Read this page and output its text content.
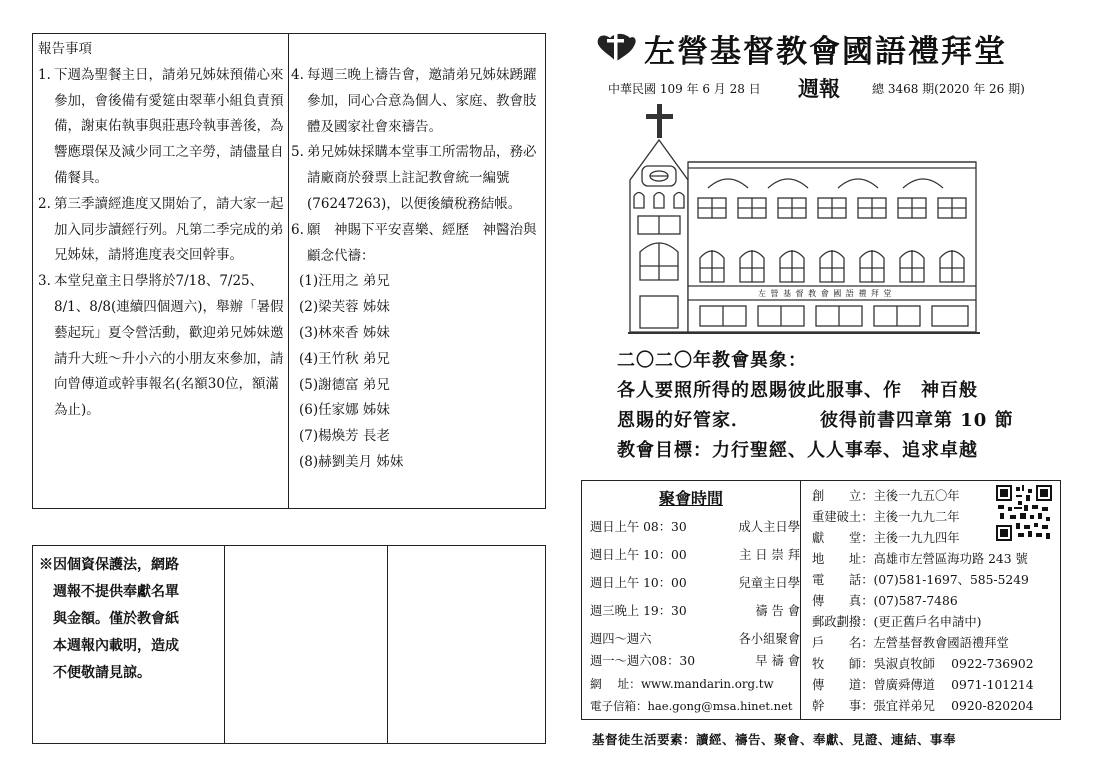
報告事項

1. 下週為聖餐主日，請弟兄姊妹預備心來參加，會後備有愛筵由翠華小組負責預備，謝東佑執事與莊惠玲執事善後，為響應環保及減少同工之辛勞，請儘量自備餐具。
2. 第三季讀經進度又開始了，請大家一起加入同步讀經行列。凡第二季完成的弟兄姊妹，請將進度表交回幹事。
3. 本堂兒童主日學將於7/18、7/25、8/1、8/8(連續四個週六)，舉辦「暑假藝起玩」夏令營活動，歡迎弟兄姊妹邀請升大班～升小六的小朋友來參加，請向曾傳道或幹事報名(名額30位，額滿為止)。
4. 每週三晚上禱告會，邀請弟兄姊妹踴躍參加，同心合意為個人、家庭、教會肢體及國家社會來禱告。
5. 弟兄姊妹採購本堂事工所需物品，務必請廠商於發票上註記教會統一編號(76247263)，以便後續稅務結帳。
6. 願　神賜下平安喜樂、經歷　神醫治與顧念代禱：

(1)汪用之 弟兄

(2)梁芙蓉 姊妹

(3)林來香 姊妹

(4)王竹秋 弟兄

(5)謝德富 弟兄

(6)任家娜 姊妹

(7)楊煥芳 長老

(8)赫劉美月 姊妹

※因個資保護法，網路
週報不提供奉獻名單
與金額。僅於教會紙
本週報內載明，造成
不便敬請見諒。
左營基督教會國語禮拜堂
中華民國 109 年 6 月 28 日 週報	總 3468 期(2020 年 26 期)
左 營 基 督 教 會 國 語 禮 拜 堂
二〇二〇年教會異象：
各人要照所得的恩賜彼此服事、作　神百般
恩賜的好管家．	彼得前書四章第 10 節
教會目標：力行聖經、人人事奉、追求卓越
聚會時間
週日上午 08：30	成人主日學
週日上午 10：00	主 日 崇 拜
週日上午 10：00	兒童主日學
週三晚上 19：30	禱 告 會
週四～週六	各小組聚會
週一～週六08：30	早 禱 會
網　 址：www.mandarin.org.tw
電子信箱：hae.gong@msa.hinet.net
創　　立：主後一九五〇年
重建破土：主後一九九二年
獻　　堂：主後一九九四年
地　　址：高雄市左營區海功路 243 號
電　　話：(07)581-1697、585-5249
傳　　真：(07)587-7486
郵政劃撥：(更正舊戶名申請中)
戶　　名：左營基督教會國語禮拜堂
牧　　師：吳淑貞牧師　 0922-736902
傳　　道：曾廣舜傳道　 0971-101214
幹　　事：張宜祥弟兄　 0920-820204
基督徒生活要素：讀經、禱告、聚會、奉獻、見證、連結、事奉
